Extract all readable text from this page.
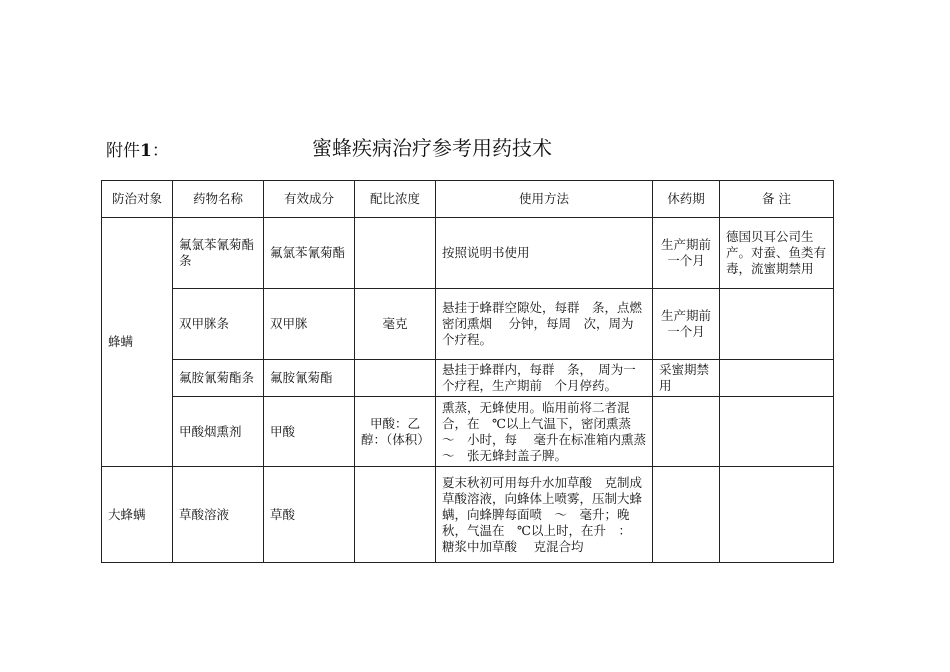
附件1：	蜜蜂疾病治疗参考用药技术
防治对象	药物名称	有效成分	配比浓度	使用方法	休药期	备 注
蜂螨	氟氯苯氰菊酯条	氟氯苯氰菊酯		按照说明书使用	生产期前一个月	德国贝耳公司生产。对蚕、鱼类有毒，流蜜期禁用
	双甲脒条	双甲脒	毫克	悬挂于蜂群空隙处，每群　条，点燃密闭熏烟　 分钟，每周　次，周为　个疗程。	生产期前一个月	
	氟胺氰菊酯条	氟胺氰菊酯		悬挂于蜂群内，每群　条，　周为一个疗程，生产期前　个月停药。	采蜜期禁用	
	甲酸烟熏剂	甲酸	甲酸：乙醇：（体积）	熏蒸，无蜂使用。临用前将二者混合，在　℃以上气温下，密闭熏蒸　～　小时，每　 毫升在标准箱内熏蒸　～　张无蜂封盖子脾。		
大蜂螨	草酸溶液	草酸		夏末秋初可用每升水加草酸　克制成　草酸溶液，向蜂体上喷雾，压制大蜂螨，向蜂脾每面喷　～　毫升；晚秋，气温在　℃以上时，在升　：　糖浆中加草酸　 克混合均		
